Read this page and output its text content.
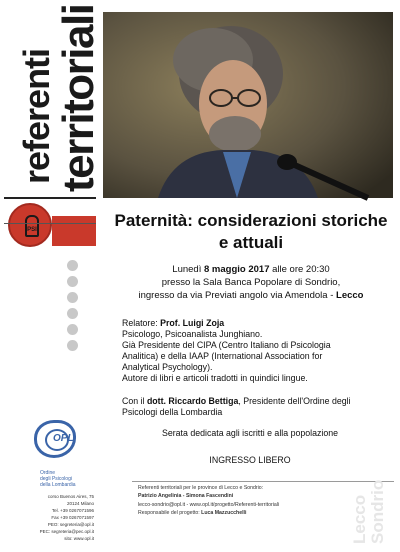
referenti
territoriali
PSI
OPL
Ordine
degli Psicologi
della Lombardia
corso Buenos Aires, 75
20124 Milano
Tel. +39 0267071596
Fax +39 0267071597
PEO: segreteria@opl.it
PEC: segreteria@pec.opl.it
sito: www.opl.it
Paternità: considerazioni storiche
e attuali
Lunedì 8 maggio 2017 alle ore 20:30
presso la Sala Banca Popolare di Sondrio,
ingresso da via Previati angolo via Amendola - Lecco

Relatore: Prof. Luigi Zoja

Psicologo, Psicoanalista Junghiano.

Già Presidente del CIPA (Centro Italiano di Psicologia

Analitica) e della IAAP (International Association for

Analytical Psychology).

Autore di libri e articoli tradotti in quindici lingue.

Con il dott. Riccardo Bettiga, Presidente dell'Ordine degli

Psicologi della Lombardia

Serata dedicata agli iscritti e alla popolazione
INGRESSO LIBERO
Referenti territoriali per le province di Lecco e Sondrio:
Patrizio Angelinia - Simona Fascendini
lecco-sondrio@opl.it - www.opl.it/progetto/Referenti-territoriali
Responsabile del progetto: Luca Mazzucchelli	Lecco Sondrio
